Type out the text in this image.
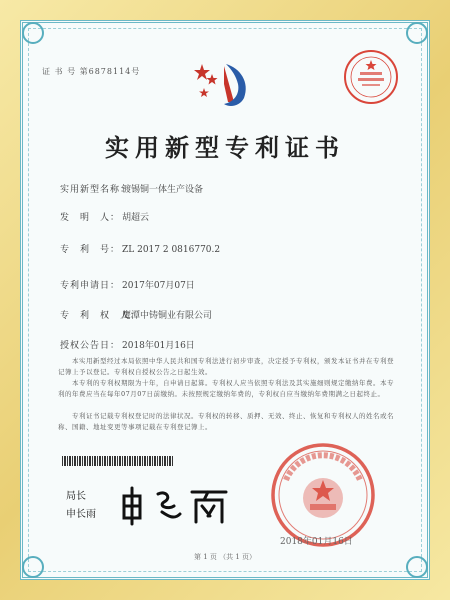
证 书 号 第6878114号
实用新型专利证书
实用新型名称：镀锡铜一体生产设备
发　明　人： 胡超云
专　利　号： ZL 2017 2 0816770.2
专利申请日： 2017年07月07日
专　利　权　人：鹰潭中铸铜业有限公司
授权公告日： 2018年01月16日
本实用新型经过本局依照中华人民共和国专利法进行初步审查，决定授予专利权，颁发本证书并在专利登记簿上予以登记。专利权自授权公告之日起生效。
本专利的专利权期限为十年，自申请日起算。专利权人应当依照专利法及其实施细则规定缴纳年费。本专利的年费应当在每年07月07日前缴纳。未按照规定缴纳年费的，专利权自应当缴纳年费期满之日起终止。
专利证书记载专利权登记时的法律状况。专利权的转移、质押、无效、终止、恢复和专利权人的姓名或名称、国籍、地址变更等事项记载在专利登记簿上。
局长
申长雨
2018年01月16日
第 1 页 （共 1 页）
